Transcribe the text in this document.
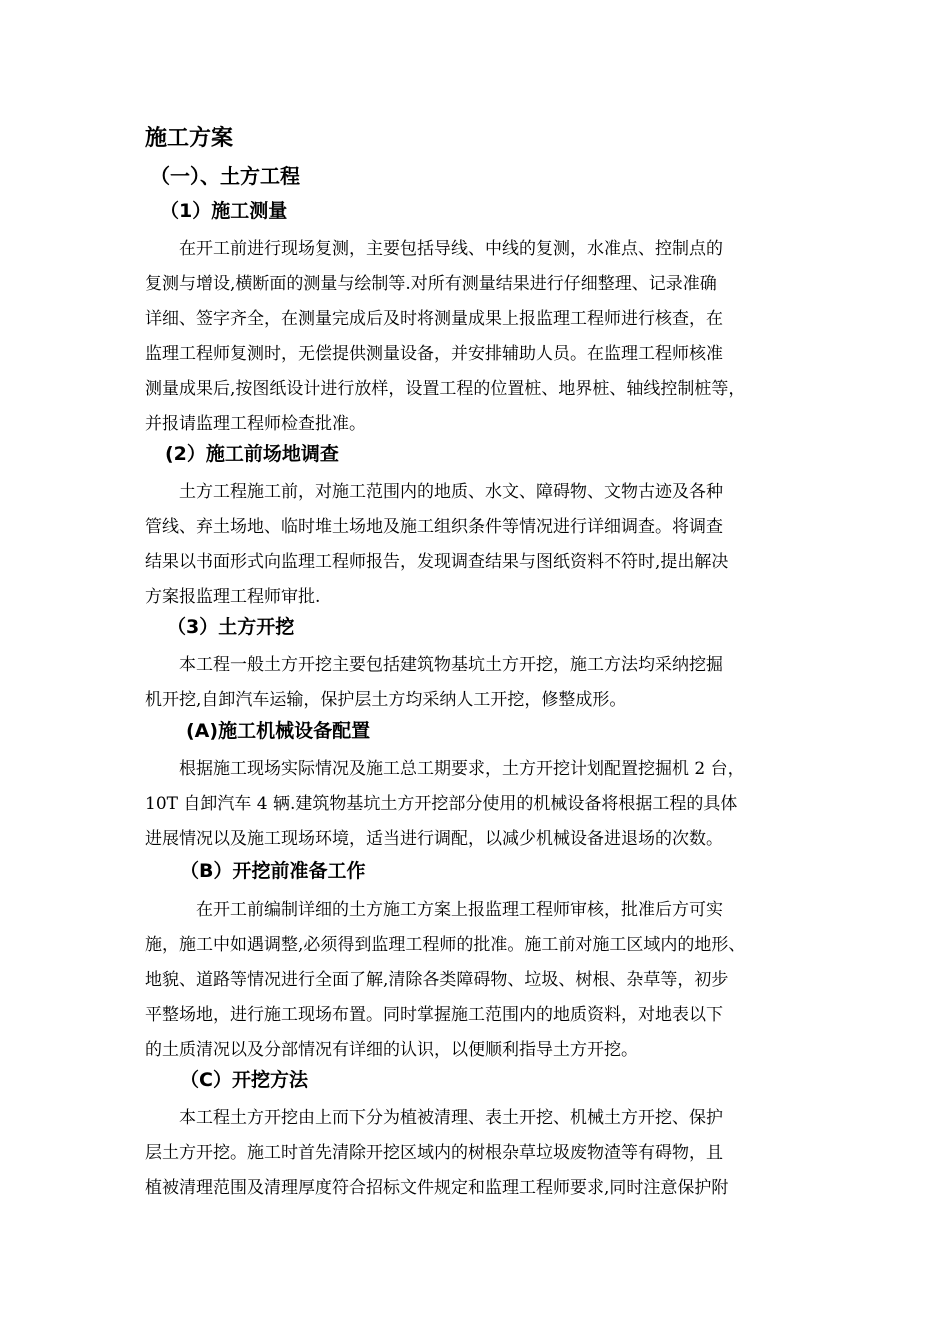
施工方案
（一）、土方工程
（1）施工测量
　　在开工前进行现场复测，主要包括导线、中线的复测，水准点、控制点的
复测与增设,横断面的测量与绘制等.对所有测量结果进行仔细整理、记录准确
详细、签字齐全，在测量完成后及时将测量成果上报监理工程师进行核查，在
监理工程师复测时，无偿提供测量设备，并安排辅助人员。在监理工程师核准
测量成果后,按图纸设计进行放样，设置工程的位置桩、地界桩、轴线控制桩等，
并报请监理工程师检查批准。
(2）施工前场地调查
　　土方工程施工前，对施工范围内的地质、水文、障碍物、文物古迹及各种
管线、弃土场地、临时堆土场地及施工组织条件等情况进行详细调查。将调查
结果以书面形式向监理工程师报告，发现调查结果与图纸资料不符时,提出解决
方案报监理工程师审批.
（3）土方开挖
　　本工程一般土方开挖主要包括建筑物基坑土方开挖，施工方法均采纳挖掘
机开挖,自卸汽车运输，保护层土方均采纳人工开挖，修整成形。
(A)施工机械设备配置
　　根据施工现场实际情况及施工总工期要求，土方开挖计划配置挖掘机 2 台，
10T 自卸汽车 4 辆.建筑物基坑土方开挖部分使用的机械设备将根据工程的具体
进展情况以及施工现场环境，适当进行调配，以减少机械设备进退场的次数。
（B）开挖前准备工作
　　　在开工前编制详细的土方施工方案上报监理工程师审核，批准后方可实
施，施工中如遇调整,必须得到监理工程师的批准。施工前对施工区域内的地形、
地貌、道路等情况进行全面了解,清除各类障碍物、垃圾、树根、杂草等，初步
平整场地，进行施工现场布置。同时掌握施工范围内的地质资料，对地表以下
的土质清况以及分部情况有详细的认识，以便顺利指导土方开挖。
（C）开挖方法
　　本工程土方开挖由上而下分为植被清理、表土开挖、机械土方开挖、保护
层土方开挖。施工时首先清除开挖区域内的树根杂草垃圾废物渣等有碍物，且
植被清理范围及清理厚度符合招标文件规定和监理工程师要求,同时注意保护附
